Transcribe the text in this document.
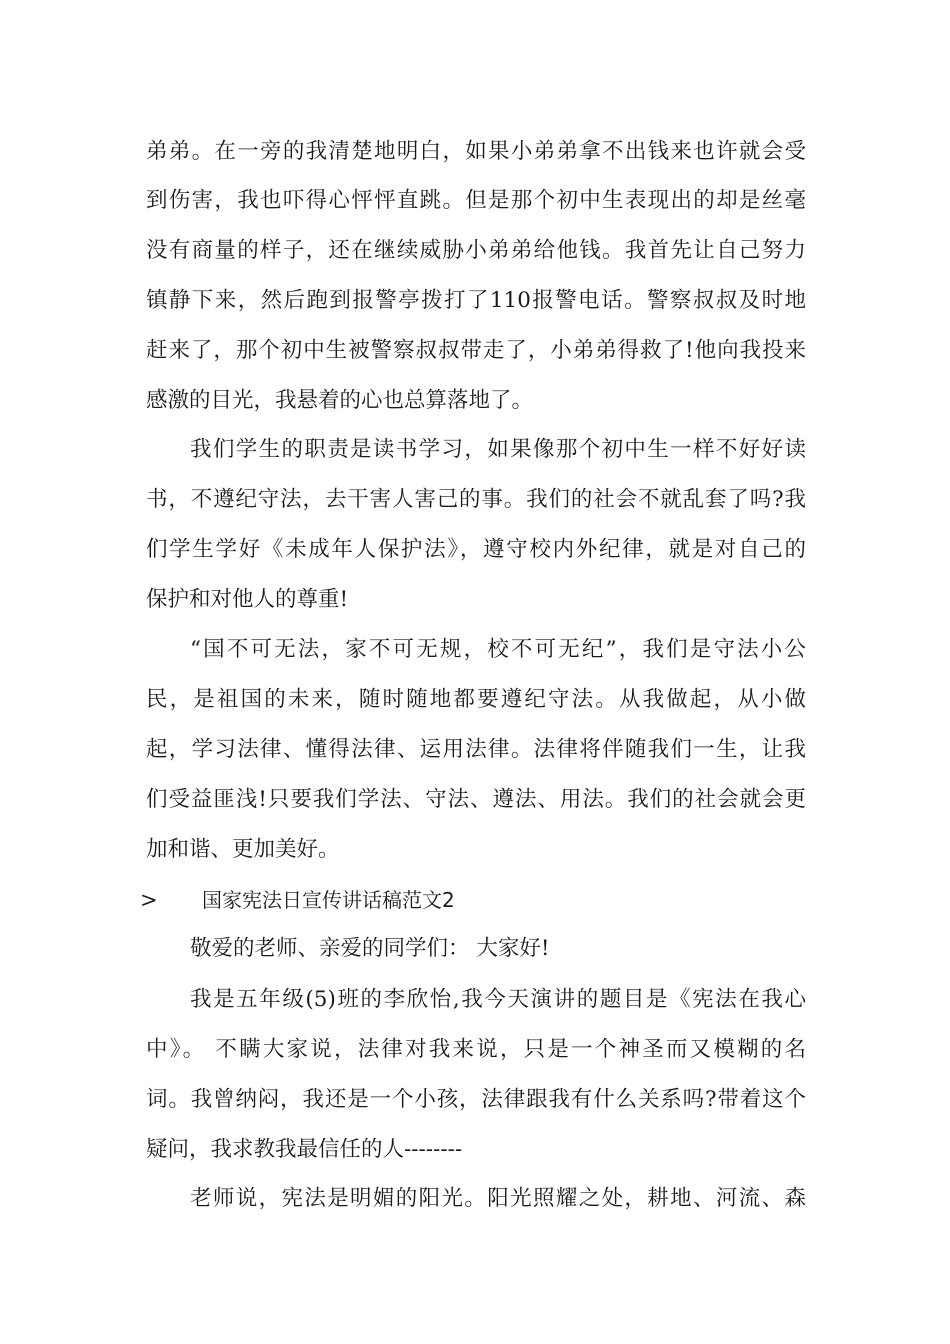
弟弟。在一旁的我清楚地明白，如果小弟弟拿不出钱来也许就会受
到伤害，我也吓得心怦怦直跳。但是那个初中生表现出的却是丝毫
没有商量的样子，还在继续威胁小弟弟给他钱。我首先让自己努力
镇静下来，然后跑到报警亭拨打了110报警电话。警察叔叔及时地
赶来了，那个初中生被警察叔叔带走了，小弟弟得救了!他向我投来
感激的目光，我悬着的心也总算落地了。
我们学生的职责是读书学习，如果像那个初中生一样不好好读
书，不遵纪守法，去干害人害己的事。我们的社会不就乱套了吗?我
们学生学好《未成年人保护法》，遵守校内外纪律，就是对自己的
保护和对他人的尊重!
“国不可无法，家不可无规，校不可无纪”，我们是守法小公
民，是祖国的未来，随时随地都要遵纪守法。从我做起，从小做
起，学习法律、懂得法律、运用法律。法律将伴随我们一生，让我
们受益匪浅!只要我们学法、守法、遵法、用法。我们的社会就会更
加和谐、更加美好。
> 国家宪法日宣传讲话稿范文2
敬爱的老师、亲爱的同学们： 大家好!
我是五年级(5)班的李欣怡,我今天演讲的题目是《宪法在我心
中》。 不瞒大家说，法律对我来说，只是一个神圣而又模糊的名
词。我曾纳闷，我还是一个小孩，法律跟我有什么关系吗?带着这个
疑问，我求教我最信任的人--------
老师说，宪法是明媚的阳光。阳光照耀之处，耕地、河流、森
